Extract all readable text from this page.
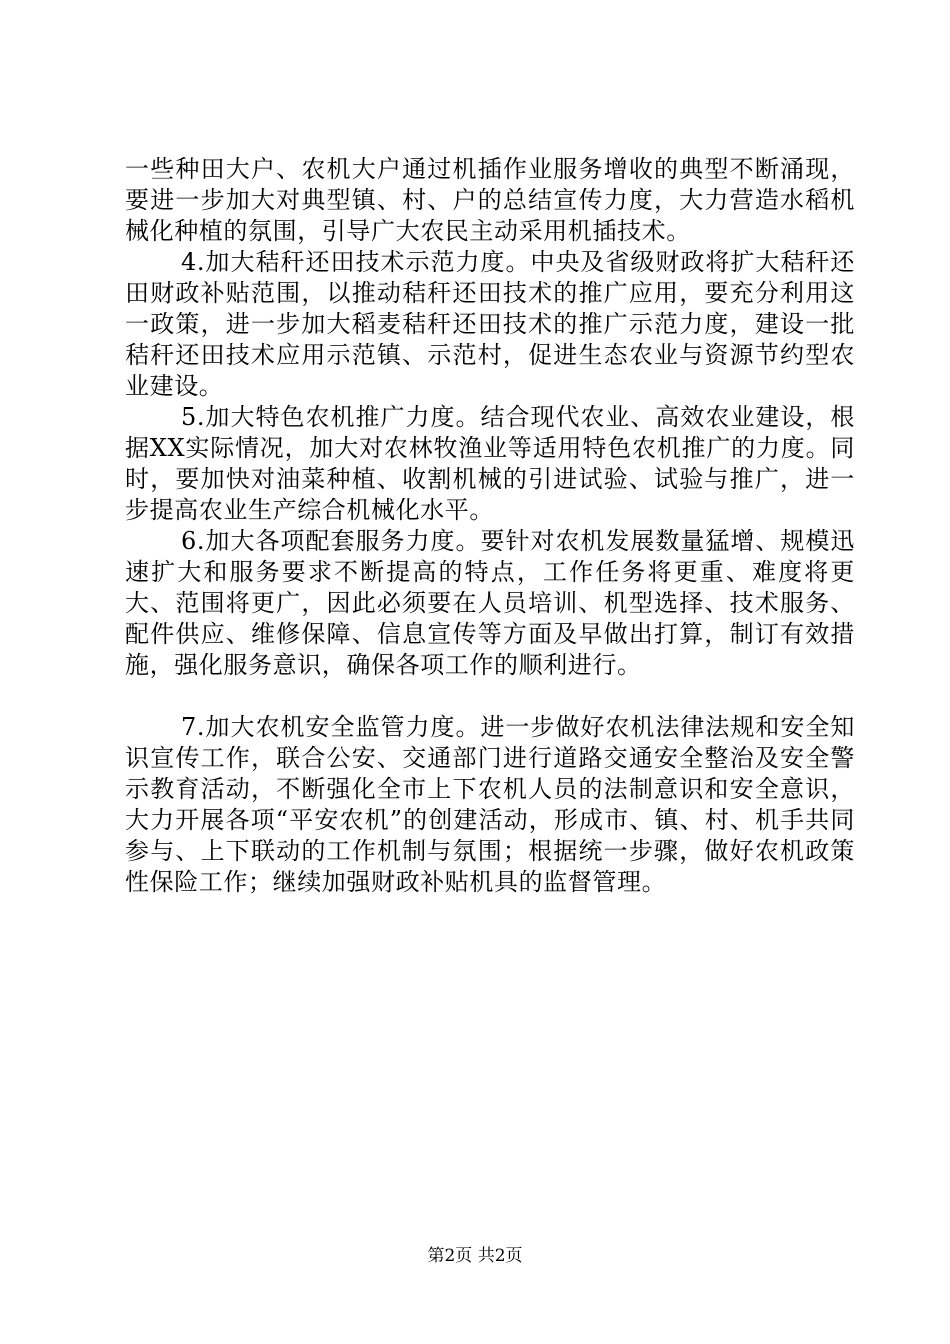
一些种田大户、农机大户通过机插作业服务增收的典型不断涌现，要进一步加大对典型镇、村、户的总结宣传力度，大力营造水稻机械化种植的氛围，引导广大农民主动采用机插技术。

4.加大秸秆还田技术示范力度。中央及省级财政将扩大秸秆还田财政补贴范围，以推动秸秆还田技术的推广应用，要充分利用这一政策，进一步加大稻麦秸秆还田技术的推广示范力度，建设一批秸秆还田技术应用示范镇、示范村，促进生态农业与资源节约型农业建设。

5.加大特色农机推广力度。结合现代农业、高效农业建设，根据XX实际情况，加大对农林牧渔业等适用特色农机推广的力度。同时，要加快对油菜种植、收割机械的引进试验、试验与推广，进一步提高农业生产综合机械化水平。

6.加大各项配套服务力度。要针对农机发展数量猛增、规模迅速扩大和服务要求不断提高的特点，工作任务将更重、难度将更大、范围将更广，因此必须要在人员培训、机型选择、技术服务、配件供应、维修保障、信息宣传等方面及早做出打算，制订有效措施，强化服务意识，确保各项工作的顺利进行。

7.加大农机安全监管力度。进一步做好农机法律法规和安全知识宣传工作，联合公安、交通部门进行道路交通安全整治及安全警示教育活动，不断强化全市上下农机人员的法制意识和安全意识，大力开展各项“平安农机”的创建活动，形成市、镇、村、机手共同参与、上下联动的工作机制与氛围；根据统一步骤，做好农机政策性保险工作；继续加强财政补贴机具的监督管理。

第2页 共2页
